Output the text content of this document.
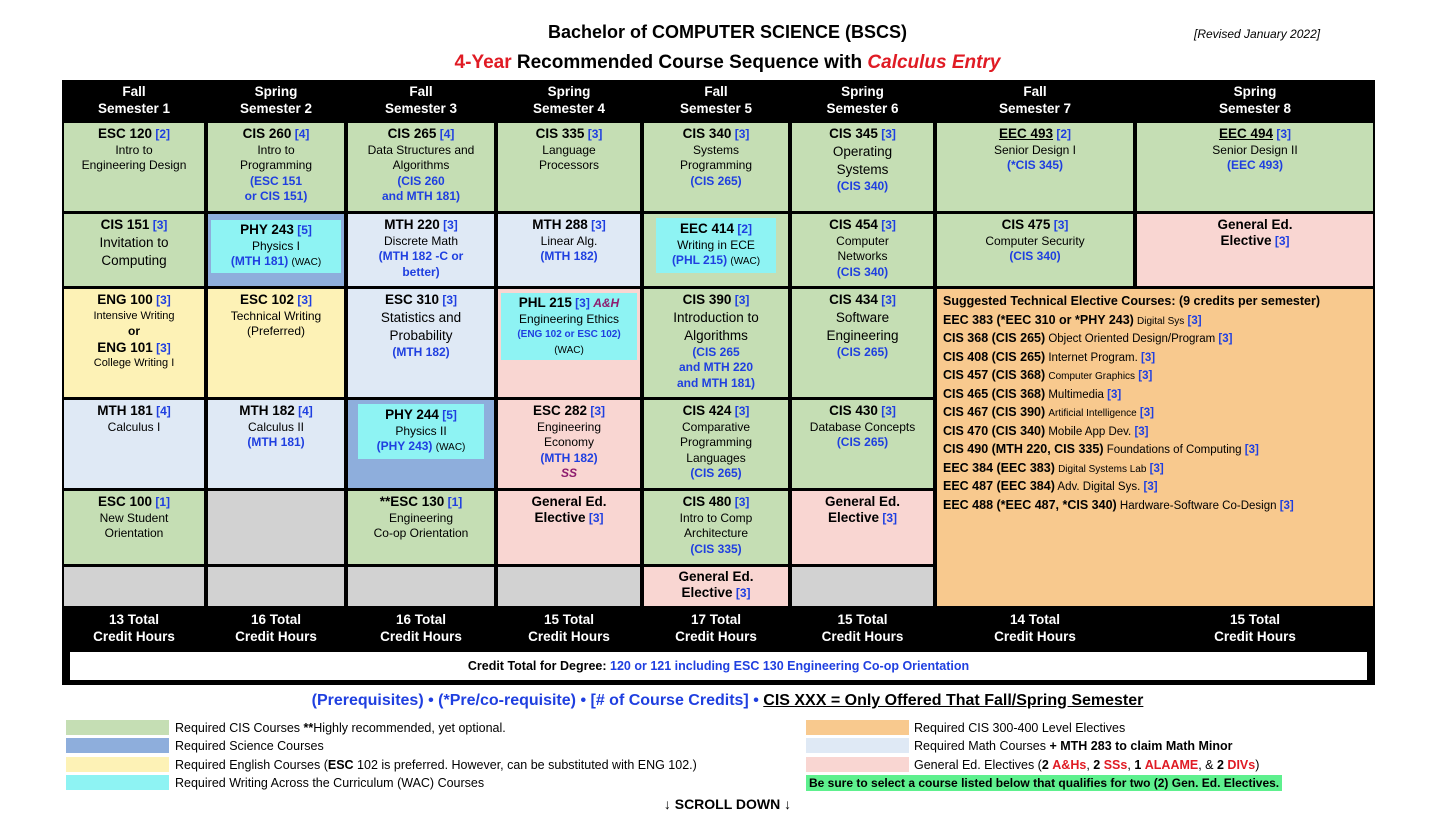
Bachelor of COMPUTER SCIENCE (BSCS)	[Revised January 2022]
4-Year Recommended Course Sequence with Calculus Entry
Fall
Semester 1
Spring
Semester 2
Fall
Semester 3
Spring
Semester 4
Fall
Semester 5
Spring
Semester 6
Fall
Semester 7
Spring
Semester 8
ESC 120 [2]
Intro to
Engineering Design
CIS 260 [4]
Intro to
Programming
(ESC 151
or CIS 151)
CIS 265 [4]
Data Structures and
Algorithms
(CIS 260
and MTH 181)
CIS 335 [3]
Language
Processors
CIS 340 [3]
Systems
Programming
(CIS 265)
CIS 345 [3]
Operating
Systems
(CIS 340)
EEC 493 [2]
Senior Design I
(*CIS 345)
EEC 494 [3]
Senior Design II
(EEC 493)
CIS 151 [3]
Invitation to
Computing
PHY 243 [5]
Physics I
(MTH 181) (WAC)
MTH 220 [3]
Discrete Math
(MTH 182 -C or
better)
MTH 288 [3]
Linear Alg.
(MTH 182)
EEC 414 [2]
Writing in ECE
(PHL 215) (WAC)
CIS 454 [3]
Computer
Networks
(CIS 340)
CIS 475 [3]
Computer Security
(CIS 340)
General Ed.
Elective [3]
ENG 100 [3]
Intensive Writing
or
ENG 101 [3]
College Writing I
ESC 102 [3]
Technical Writing
(Preferred)
ESC 310 [3]
Statistics and
Probability
(MTH 182)
PHL 215 [3] A&H
Engineering Ethics
(ENG 102 or ESC 102)
(WAC)
CIS 390 [3]
Introduction to
Algorithms
(CIS 265
and MTH 220
and MTH 181)
CIS 434 [3]
Software
Engineering
(CIS 265)
Suggested Technical Elective Courses: (9 credits per semester)
EEC 383 (*EEC 310 or *PHY 243) Digital Sys [3]
CIS 368 (CIS 265) Object Oriented Design/Program [3]
CIS 408 (CIS 265) Internet Program. [3]
CIS 457 (CIS 368) Computer Graphics [3]
CIS 465 (CIS 368) Multimedia [3]
CIS 467 (CIS 390) Artificial Intelligence [3]
CIS 470 (CIS 340) Mobile App Dev. [3]
CIS 490 (MTH 220, CIS 335) Foundations of Computing [3]
EEC 384 (EEC 383) Digital Systems Lab [3]
EEC 487 (EEC 384) Adv. Digital Sys. [3]
EEC 488 (*EEC 487, *CIS 340) Hardware-Software Co-Design [3]
MTH 181 [4]
Calculus I
MTH 182 [4]
Calculus II
(MTH 181)
PHY 244 [5]
Physics II
(PHY 243) (WAC)
ESC 282 [3]
Engineering
Economy
(MTH 182)
SS
CIS 424 [3]
Comparative
Programming
Languages
(CIS 265)
CIS 430 [3]
Database Concepts
(CIS 265)
ESC 100 [1]
New Student
Orientation
**ESC 130 [1]
Engineering
Co-op Orientation
General Ed.
Elective [3]
CIS 480 [3]
Intro to Comp
Architecture
(CIS 335)
General Ed.
Elective [3]
General Ed.
Elective [3]
13 Total
Credit Hours
16 Total
Credit Hours
16 Total
Credit Hours
15 Total
Credit Hours
17 Total
Credit Hours
15 Total
Credit Hours
14 Total
Credit Hours
15 Total
Credit Hours
Credit Total for Degree: 120 or 121 including ESC 130 Engineering Co-op Orientation
(Prerequisites) • (*Pre/co-requisite) • [# of Course Credits] • CIS XXX = Only Offered That Fall/Spring Semester
Required CIS Courses **Highly recommended, yet optional.
Required Science Courses
Required English Courses (ESC 102 is preferred. However, can be substituted with ENG 102.)
Required Writing Across the Curriculum (WAC) Courses
Required CIS 300-400 Level Electives
Required Math Courses + MTH 283 to claim Math Minor
General Ed. Electives (2 A&Hs, 2 SSs, 1 ALAAME, & 2 DIVs)
Be sure to select a course listed below that qualifies for two (2) Gen. Ed. Electives.
↓ SCROLL DOWN ↓
